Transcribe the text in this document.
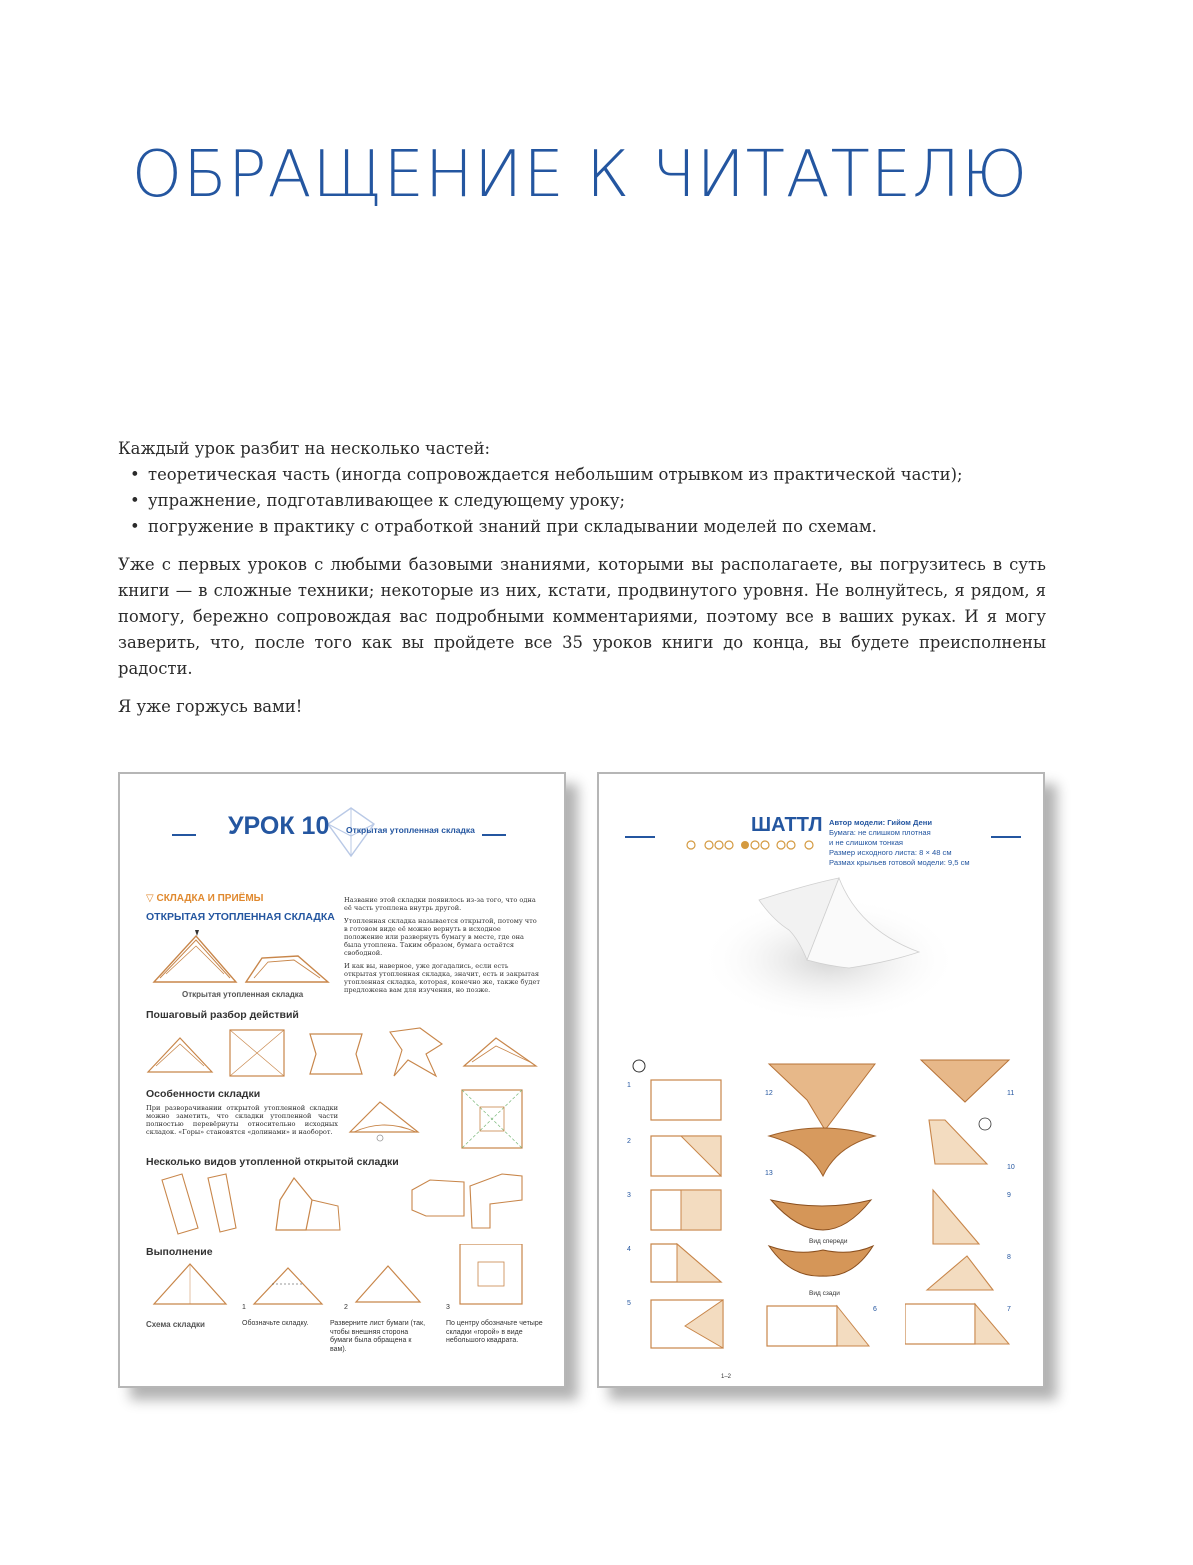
ОБРАЩЕНИЕ К ЧИТАТЕЛЮ

Каждый урок разбит на несколько частей:

• теоретическая часть (иногда сопровождается небольшим отрывком из практической части);
• упражнение, подготавливающее к следующему уроку;
• погружение в практику с отработкой знаний при складывании моделей по схемам.

Уже с первых уроков с любыми базовыми знаниями, которыми вы располагаете, вы погрузитесь в суть книги — в сложные техники; некоторые из них, кстати, продвинутого уровня. Не волнуйтесь, я рядом, я помогу, бережно сопровождая вас подробными комментариями, поэтому все в ваших руках. И я могу заверить, что, после того как вы пройдете все 35 уроков книги до конца, вы будете преисполнены радости.

Я уже горжусь вами!

УРОК 10 Открытая утопленная складка
▽ СКЛАДКА И ПРИЁМЫ
ОТКРЫТАЯ УТОПЛЕННАЯ СКЛАДКА
Открытая утопленная складка
Название этой складки появилось из-за того, что одна её часть утоплена внутрь другой.
Утопленная складка называется открытой, потому что в готовом виде её можно вернуть в исходное положение или развернуть бумагу в месте, где она была утоплена. Таким образом, бумага остаётся свободной.
И как вы, наверное, уже догадались, если есть открытая утопленная складка, значит, есть и закрытая утопленная складка, которая, конечно же, также будет предложена вам для изучения, но позже.
Пошаговый разбор действий
Особенности складки
При разворачивании открытой утопленной складки можно заметить, что складки утопленной части полностью перевёрнуты относительно исходных складок. «Горы» становятся «долинами» и наоборот.
Несколько видов утопленной открытой складки
Выполнение
Схема складки
1
Обозначьте складку.
2
Разверните лист бумаги (так, чтобы внешняя сторона бумаги была обращена к вам).
3
По центру обозначьте четыре складки «горой» в виде небольшого квадрата.
ШАТТЛ Автор модели: Гийом Дени
Бумага: не слишком плотная
и не слишком тонкая
Размер исходного листа: 8 × 48 см
Размах крыльев готовой модели: 9,5 см
1
2
3
4
5
1–2
12
13
Вид спереди
Вид сзади
6	7
8
9
10
11
